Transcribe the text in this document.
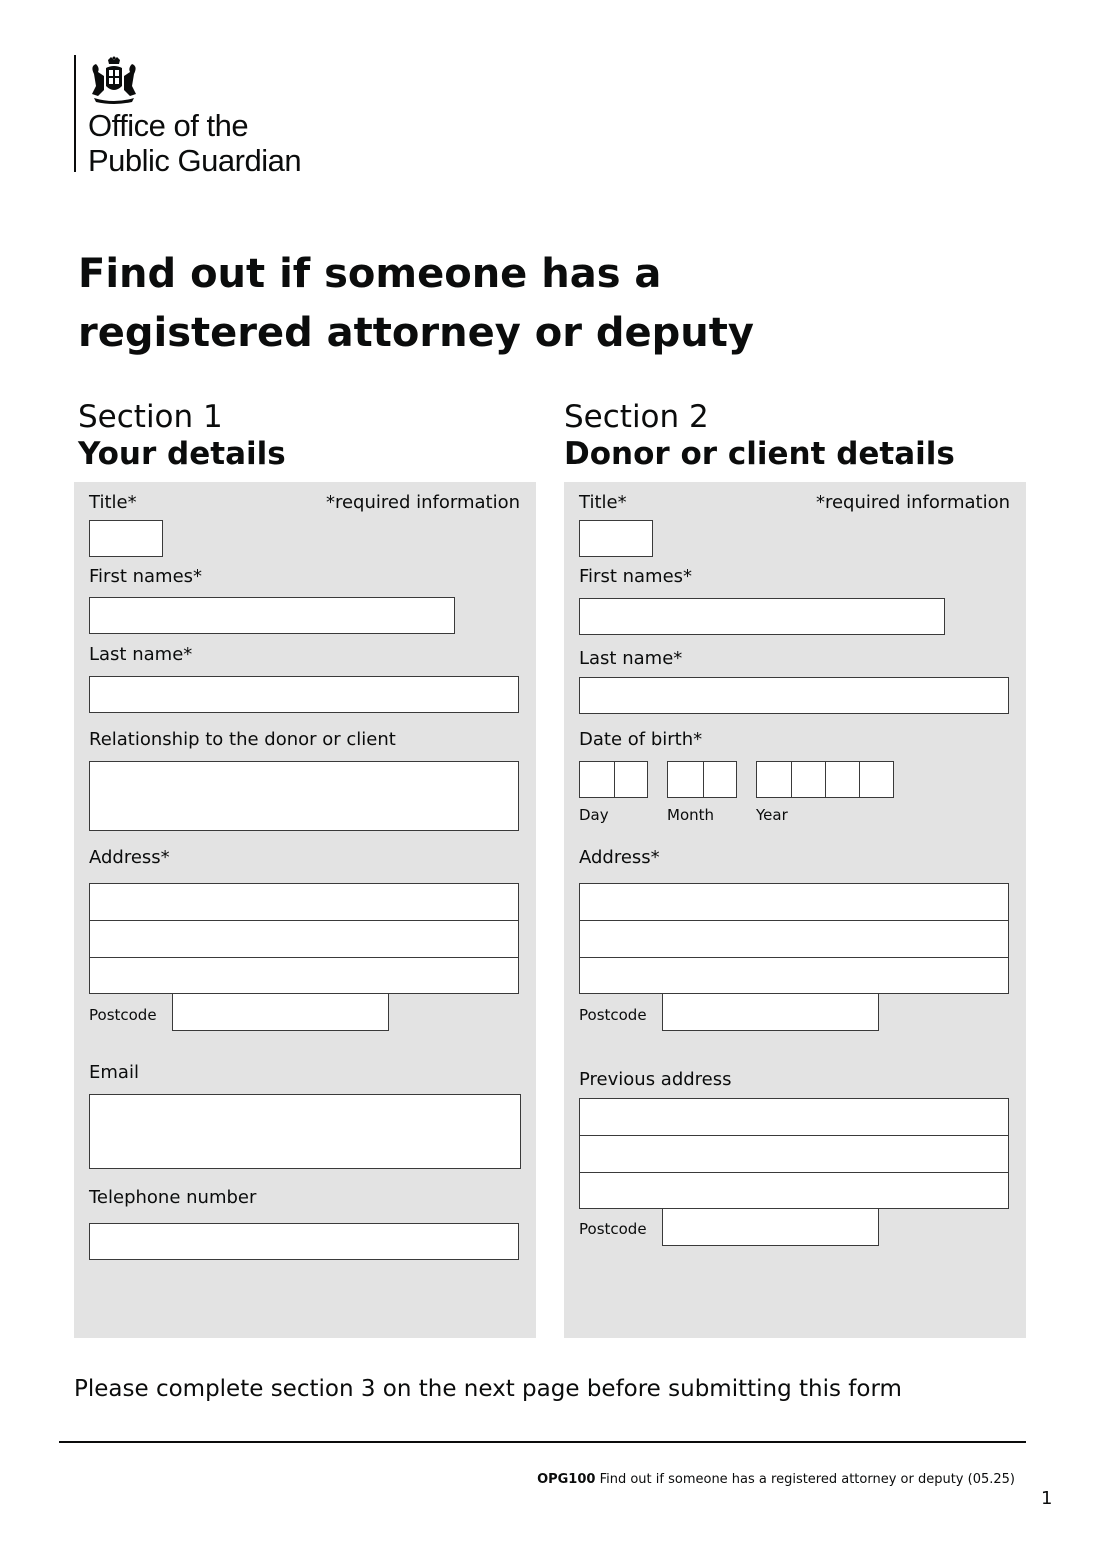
Office of the
Public Guardian
Find out if someone has a
registered attorney or deputy
Section 1
Your details
Section 2
Donor or client details
Title*	*required information
First names*
Last name*
Relationship to the donor or client
Address*
Postcode
Email
Telephone number
Title*	*required information
First names*
Last name*
Date of birth*
Day	Month	Year
Address*
Postcode
Previous address
Postcode
Please complete section 3 on the next page before submitting this form
OPG100 Find out if someone has a registered attorney or deputy (05.25)
1
